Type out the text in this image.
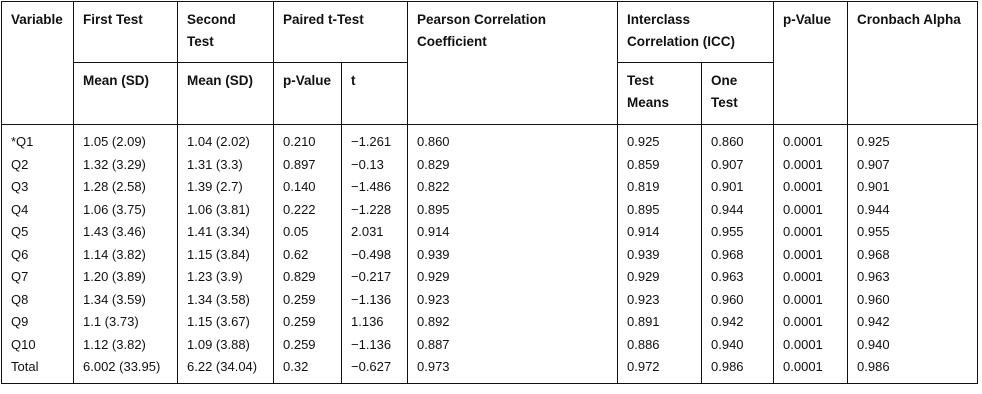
Variable	First Test	Second Test	Paired t-Test		Pearson Correlation Coefficient	Interclass Correlation (ICC)		p-Value	Cronbach Alpha
	Mean (SD)	Mean (SD)	p-Value	t		Test Means	One Test		
*Q1	1.05 (2.09)	1.04 (2.02)	0.210	−1.261	0.860	0.925	0.860	0.0001	0.925
Q2	1.32 (3.29)	1.31 (3.3)	0.897	−0.13	0.829	0.859	0.907	0.0001	0.907
Q3	1.28 (2.58)	1.39 (2.7)	0.140	−1.486	0.822	0.819	0.901	0.0001	0.901
Q4	1.06 (3.75)	1.06 (3.81)	0.222	−1.228	0.895	0.895	0.944	0.0001	0.944
Q5	1.43 (3.46)	1.41 (3.34)	0.05	2.031	0.914	0.914	0.955	0.0001	0.955
Q6	1.14 (3.82)	1.15 (3.84)	0.62	−0.498	0.939	0.939	0.968	0.0001	0.968
Q7	1.20 (3.89)	1.23 (3.9)	0.829	−0.217	0.929	0.929	0.963	0.0001	0.963
Q8	1.34 (3.59)	1.34 (3.58)	0.259	−1.136	0.923	0.923	0.960	0.0001	0.960
Q9	1.1 (3.73)	1.15 (3.67)	0.259	1.136	0.892	0.891	0.942	0.0001	0.942
Q10	1.12 (3.82)	1.09 (3.88)	0.259	−1.136	0.887	0.886	0.940	0.0001	0.940
Total	6.002 (33.95)	6.22 (34.04)	0.32	−0.627	0.973	0.972	0.986	0.0001	0.986
